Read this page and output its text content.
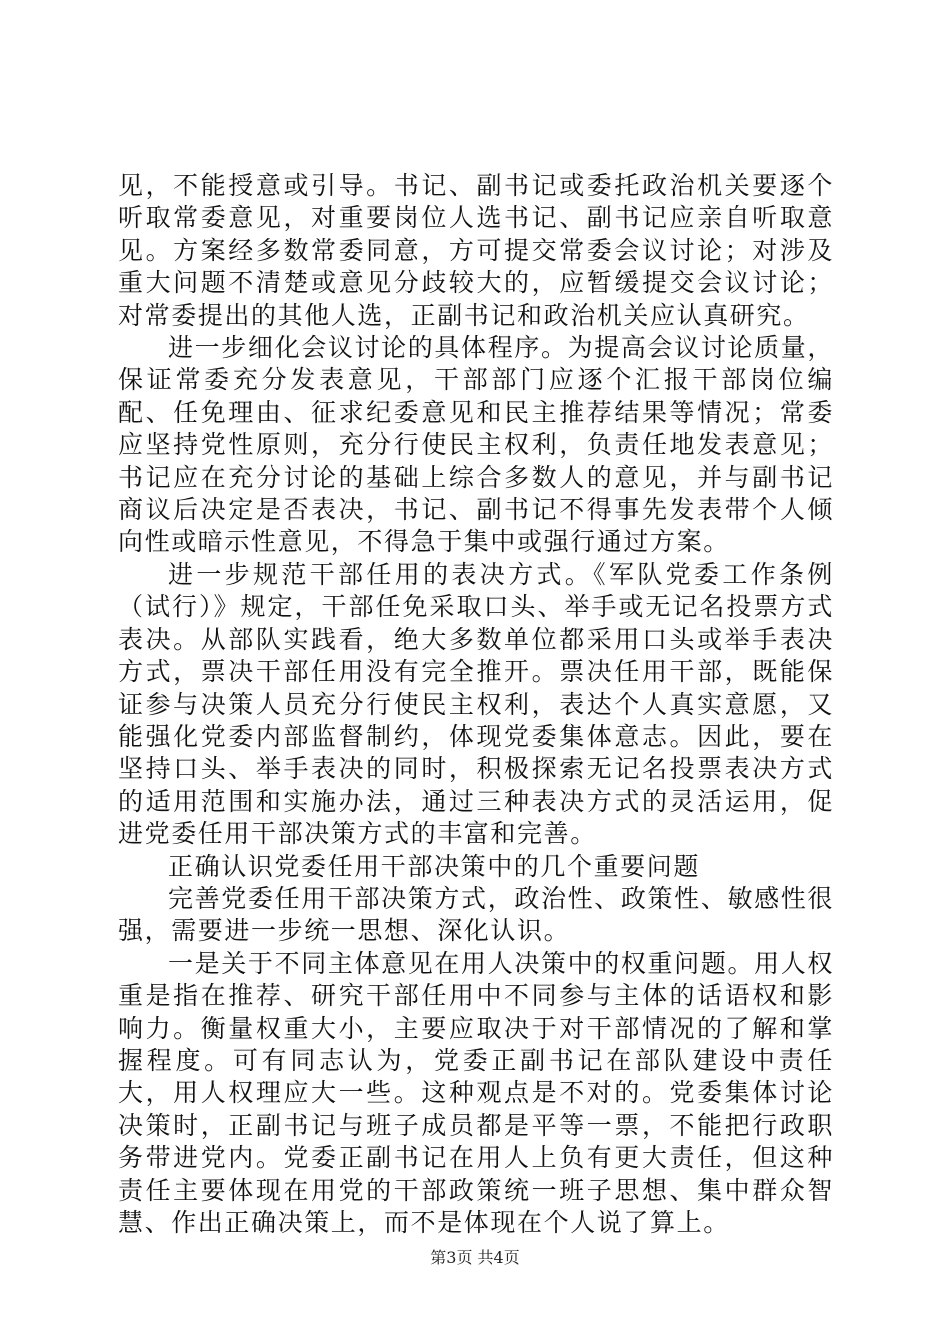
见，不能授意或引导。书记、副书记或委托政治机关要逐个听取常委意见，对重要岗位人选书记、副书记应亲自听取意见。方案经多数常委同意，方可提交常委会议讨论；对涉及重大问题不清楚或意见分歧较大的，应暂缓提交会议讨论；对常委提出的其他人选，正副书记和政治机关应认真研究。

进一步细化会议讨论的具体程序。为提高会议讨论质量，保证常委充分发表意见，干部部门应逐个汇报干部岗位编配、任免理由、征求纪委意见和民主推荐结果等情况；常委应坚持党性原则，充分行使民主权利，负责任地发表意见；书记应在充分讨论的基础上综合多数人的意见，并与副书记商议后决定是否表决，书记、副书记不得事先发表带个人倾向性或暗示性意见，不得急于集中或强行通过方案。

进一步规范干部任用的表决方式。《军队党委工作条例（试行）》规定，干部任免采取口头、举手或无记名投票方式表决。从部队实践看，绝大多数单位都采用口头或举手表决方式，票决干部任用没有完全推开。票决任用干部，既能保证参与决策人员充分行使民主权利，表达个人真实意愿，又能强化党委内部监督制约，体现党委集体意志。因此，要在坚持口头、举手表决的同时，积极探索无记名投票表决方式的适用范围和实施办法，通过三种表决方式的灵活运用，促进党委任用干部决策方式的丰富和完善。

正确认识党委任用干部决策中的几个重要问题

完善党委任用干部决策方式，政治性、政策性、敏感性很强，需要进一步统一思想、深化认识。

一是关于不同主体意见在用人决策中的权重问题。用人权重是指在推荐、研究干部任用中不同参与主体的话语权和影响力。衡量权重大小，主要应取决于对干部情况的了解和掌握程度。可有同志认为，党委正副书记在部队建设中责任大，用人权理应大一些。这种观点是不对的。党委集体讨论决策时，正副书记与班子成员都是平等一票，不能把行政职务带进党内。党委正副书记在用人上负有更大责任，但这种责任主要体现在用党的干部政策统一班子思想、集中群众智慧、作出正确决策上，而不是体现在个人说了算上。

第3页 共4页
